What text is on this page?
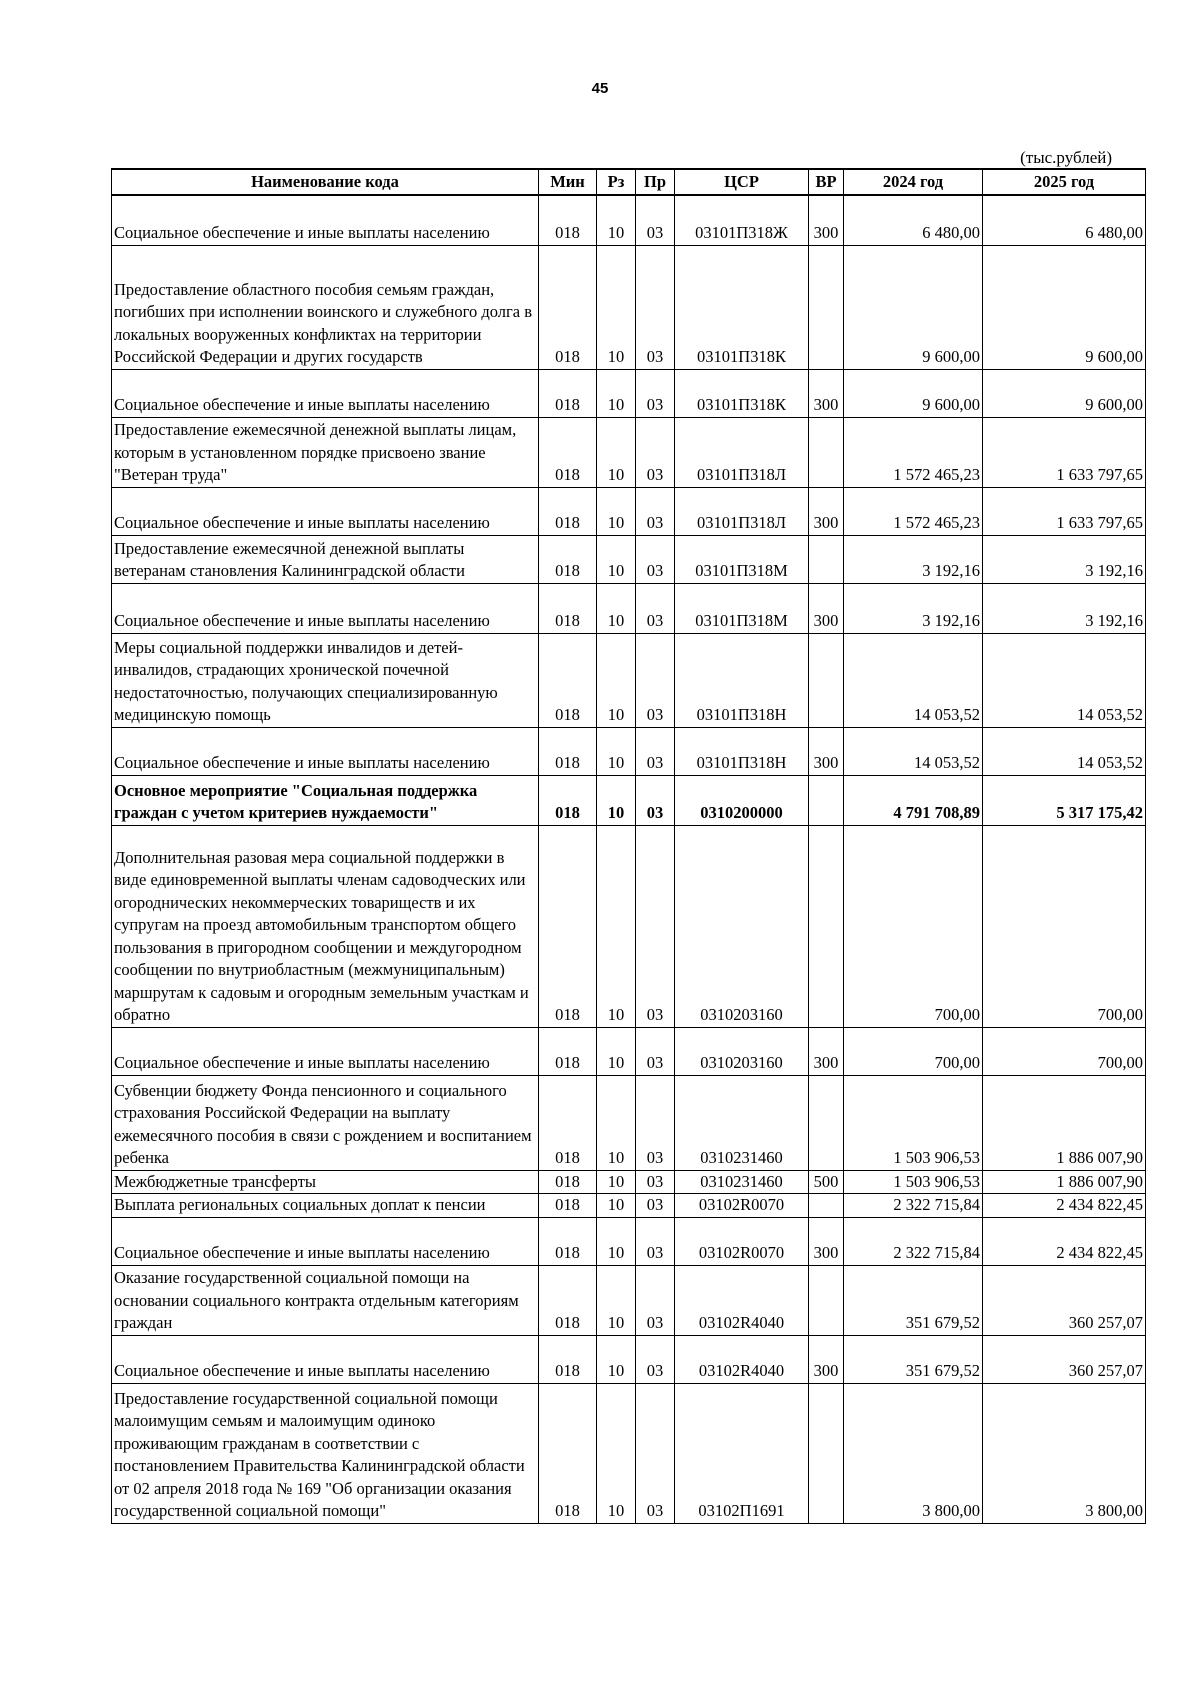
45
(тыс.рублей)
Наименование кода	Мин	Рз	Пр	ЦСР	ВР	2024 год	2025 год
Социальное обеспечение и иные выплаты населению	018	10	03	03101П318Ж	300	6 480,00	6 480,00
Предоставление областного пособия семьям граждан, погибших при исполнении воинского и служебного долга в локальных вооруженных конфликтах на территории Российской Федерации и других государств	018	10	03	03101П318К		9 600,00	9 600,00
Социальное обеспечение и иные выплаты населению	018	10	03	03101П318К	300	9 600,00	9 600,00
Предоставление ежемесячной денежной выплаты лицам, которым в установленном порядке присвоено звание "Ветеран труда"	018	10	03	03101П318Л		1 572 465,23	1 633 797,65
Социальное обеспечение и иные выплаты населению	018	10	03	03101П318Л	300	1 572 465,23	1 633 797,65
Предоставление ежемесячной денежной выплаты ветеранам становления Калининградской области	018	10	03	03101П318М		3 192,16	3 192,16
Социальное обеспечение и иные выплаты населению	018	10	03	03101П318М	300	3 192,16	3 192,16
Меры социальной поддержки инвалидов и детей-инвалидов, страдающих хронической почечной недостаточностью, получающих специализированную медицинскую помощь	018	10	03	03101П318Н		14 053,52	14 053,52
Социальное обеспечение и иные выплаты населению	018	10	03	03101П318Н	300	14 053,52	14 053,52
Основное мероприятие "Социальная поддержка граждан с учетом критериев нуждаемости"	018	10	03	0310200000		4 791 708,89	5 317 175,42
Дополнительная разовая мера социальной поддержки в виде единовременной выплаты членам садоводческих или огороднических некоммерческих товариществ и их супругам на проезд автомобильным транспортом общего пользования в пригородном сообщении и междугородном сообщении по внутриобластным (межмуниципальным) маршрутам к садовым и огородным земельным участкам и обратно	018	10	03	0310203160		700,00	700,00
Социальное обеспечение и иные выплаты населению	018	10	03	0310203160	300	700,00	700,00
Субвенции бюджету Фонда пенсионного и социального страхования Российской Федерации на выплату ежемесячного пособия в связи с рождением и воспитанием ребенка	018	10	03	0310231460		1 503 906,53	1 886 007,90
Межбюджетные трансферты	018	10	03	0310231460	500	1 503 906,53	1 886 007,90
Выплата региональных социальных доплат к пенсии	018	10	03	03102R0070		2 322 715,84	2 434 822,45
Социальное обеспечение и иные выплаты населению	018	10	03	03102R0070	300	2 322 715,84	2 434 822,45
Оказание государственной социальной помощи на основании социального контракта отдельным категориям граждан	018	10	03	03102R4040		351 679,52	360 257,07
Социальное обеспечение и иные выплаты населению	018	10	03	03102R4040	300	351 679,52	360 257,07
Предоставление государственной социальной помощи малоимущим семьям и малоимущим одиноко проживающим гражданам в соответствии с постановлением Правительства Калининградской области от 02 апреля 2018 года № 169 "Об организации оказания государственной социальной помощи"	018	10	03	03102П1691		3 800,00	3 800,00
